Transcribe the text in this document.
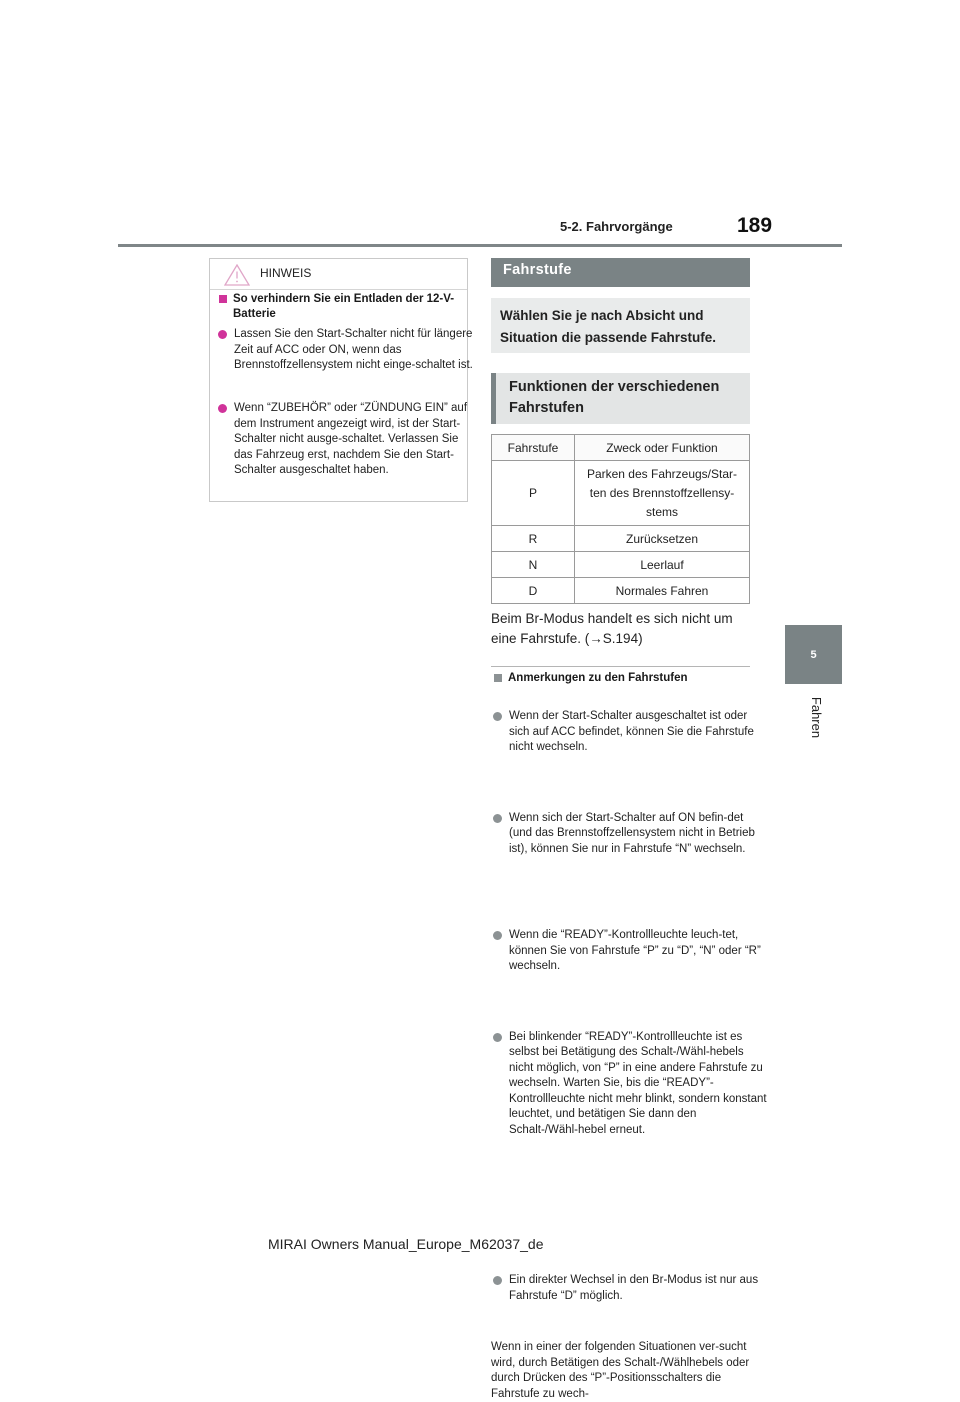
5-2. Fahrvorgänge	189
5
Fahren
HINWEIS
So verhindern Sie ein Entladen der 12-V-Batterie
Lassen Sie den Start-Schalter nicht für längere Zeit auf ACC oder ON, wenn das Brennstoffzellensystem nicht einge-schaltet ist.
Wenn “ZUBEHÖR” oder “ZÜNDUNG EIN” auf dem Instrument angezeigt wird, ist der Start-Schalter nicht ausge-schaltet. Verlassen Sie das Fahrzeug erst, nachdem Sie den Start-Schalter ausgeschaltet haben.
Fahrstufe
Wählen Sie je nach Absicht und Situation die passende Fahrstufe.
Funktionen der verschiedenen Fahrstufen
Fahrstufe	Zweck oder Funktion
P	Parken des Fahrzeugs/Star-ten des Brennstoffzellensy-stems
R	Zurücksetzen
N	Leerlauf
D	Normales Fahren
Beim Br-Modus handelt es sich nicht um eine Fahrstufe. (→S.194)
Anmerkungen zu den Fahrstufen
Wenn der Start-Schalter ausgeschaltet ist oder sich auf ACC befindet, können Sie die Fahrstufe nicht wechseln.
Wenn sich der Start-Schalter auf ON befin-det (und das Brennstoffzellensystem nicht in Betrieb ist), können Sie nur in Fahrstufe “N” wechseln.
Wenn die “READY”-Kontrollleuchte leuch-tet, können Sie von Fahrstufe “P” zu “D”, “N” oder “R” wechseln.
Bei blinkender “READY”-Kontrollleuchte ist es selbst bei Betätigung des Schalt-/Wähl-hebels nicht möglich, von “P” in eine andere Fahrstufe zu wechseln. Warten Sie, bis die “READY”-Kontrollleuchte nicht mehr blinkt, sondern konstant leuchtet, und betätigen Sie dann den Schalt-/Wähl-hebel erneut.
Ein direkter Wechsel in den Br-Modus ist nur aus Fahrstufe “D” möglich.
Wenn in einer der folgenden Situationen ver-sucht wird, durch Betätigen des Schalt-/Wählhebels oder durch Drücken des “P”-Positionsschalters die Fahrstufe zu wech-
MIRAI Owners Manual_Europe_M62037_de
